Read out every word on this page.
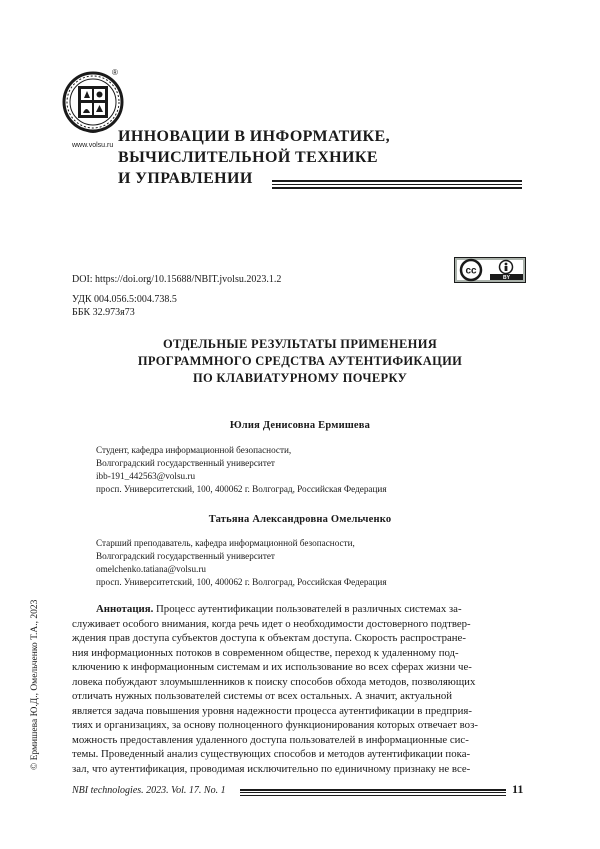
®
www.volsu.ru
ИННОВАЦИИ В ИНФОРМАТИКЕ,
ВЫЧИСЛИТЕЛЬНОЙ ТЕХНИКЕ
И УПРАВЛЕНИИ
DOI: https://doi.org/10.15688/NBIT.jvolsu.2023.1.2
УДК 004.056.5:004.738.5
ББК 32.973я73
cc
BY
ОТДЕЛЬНЫЕ РЕЗУЛЬТАТЫ ПРИМЕНЕНИЯ
ПРОГРАММНОГО СРЕДСТВА АУТЕНТИФИКАЦИИ
ПО КЛАВИАТУРНОМУ ПОЧЕРКУ
Юлия Денисовна Ермишева
Студент, кафедра информационной безопасности,
Волгоградский государственный университет
ibb-191_442563@volsu.ru
просп. Университетский, 100, 400062 г. Волгоград, Российская Федерация
Татьяна Александровна Омельченко
Старший преподаватель, кафедра информационной безопасности,
Волгоградский государственный университет
omelchenko.tatiana@volsu.ru
просп. Университетский, 100, 400062 г. Волгоград, Российская Федерация
Аннотация. Процесс аутентификации пользователей в различных системах за-
служивает особого внимания, когда речь идет о необходимости достоверного подтвер-
ждения прав доступа субъектов доступа к объектам доступа. Скорость распростране-
ния информационных потоков в современном обществе, переход к удаленному под-
ключению к информационным системам и их использование во всех сферах жизни че-
ловека побуждают злоумышленников к поиску способов обхода методов, позволяющих
отличать нужных пользователей системы от всех остальных. А значит, актуальной
является задача повышения уровня надежности процесса аутентификации в предприя-
тиях и организациях, за основу полноценного функционирования которых отвечает воз-
можность предоставления удаленного доступа пользователей в информационные сис-
темы. Проведенный анализ существующих способов и методов аутентификации пока-
зал, что аутентификация, проводимая исключительно по единичному признаку не все-
© Ермишева Ю.Д., Омельченко Т.А., 2023
NBI technologies. 2023. Vol. 17. No. 1	11
